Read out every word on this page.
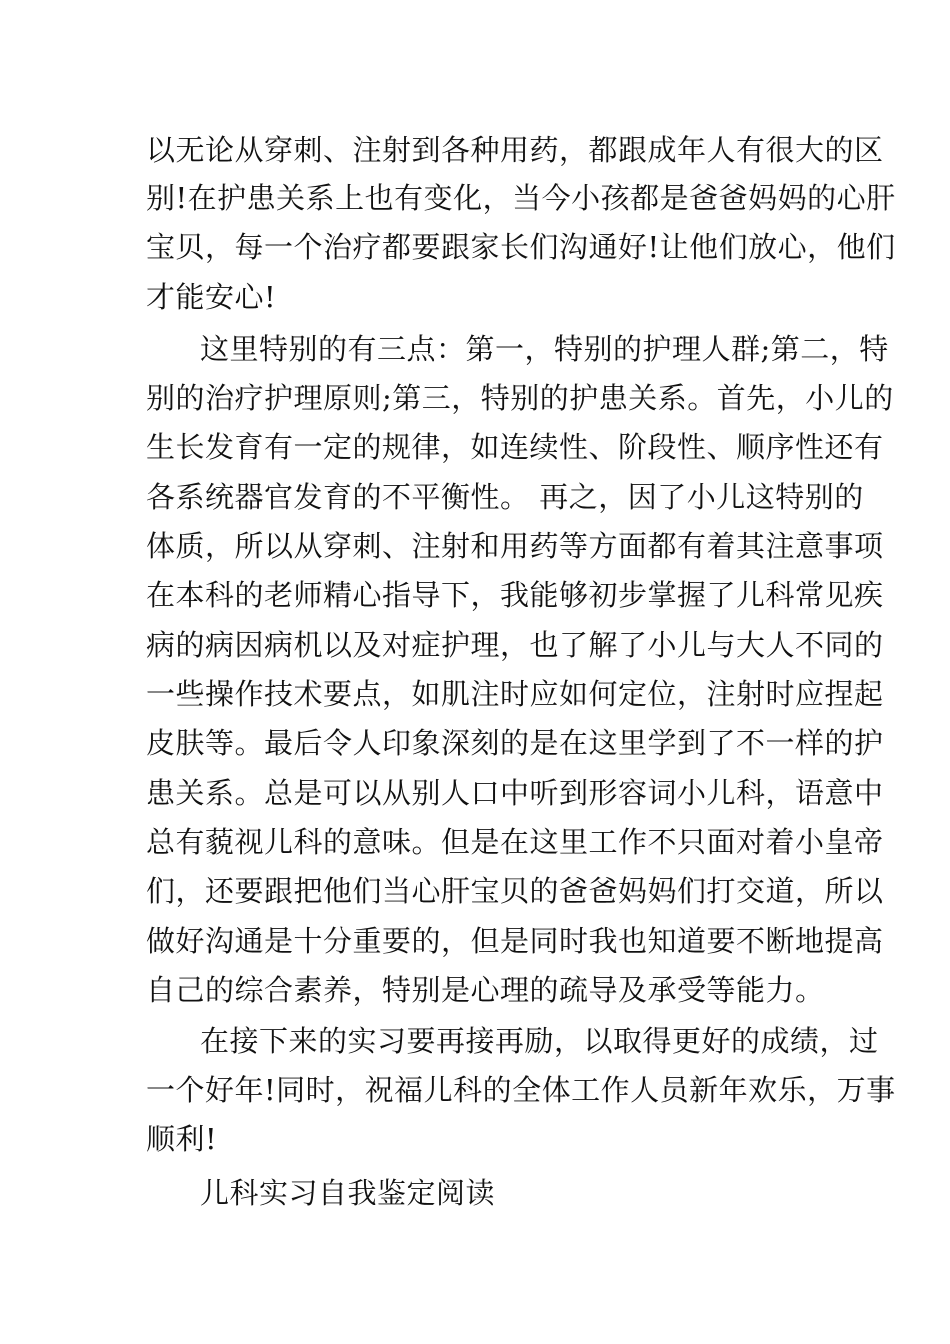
以无论从穿刺、注射到各种用药，都跟成年人有很大的区
别!在护患关系上也有变化，当今小孩都是爸爸妈妈的心肝
宝贝，每一个治疗都要跟家长们沟通好!让他们放心，他们
才能安心!
这里特别的有三点：第一，特别的护理人群;第二，特
别的治疗护理原则;第三，特别的护患关系。首先，小儿的
生长发育有一定的规律，如连续性、阶段性、顺序性还有
各系统器官发育的不平衡性。 再之，因了小儿这特别的
体质，所以从穿刺、注射和用药等方面都有着其注意事项
在本科的老师精心指导下，我能够初步掌握了儿科常见疾
病的病因病机以及对症护理，也了解了小儿与大人不同的
一些操作技术要点，如肌注时应如何定位，注射时应捏起
皮肤等。最后令人印象深刻的是在这里学到了不一样的护
患关系。总是可以从别人口中听到形容词小儿科，语意中
总有藐视儿科的意味。但是在这里工作不只面对着小皇帝
们，还要跟把他们当心肝宝贝的爸爸妈妈们打交道，所以
做好沟通是十分重要的，但是同时我也知道要不断地提高
自己的综合素养，特别是心理的疏导及承受等能力。
在接下来的实习要再接再励，以取得更好的成绩，过
一个好年!同时，祝福儿科的全体工作人员新年欢乐，万事
顺利!
儿科实习自我鉴定阅读
